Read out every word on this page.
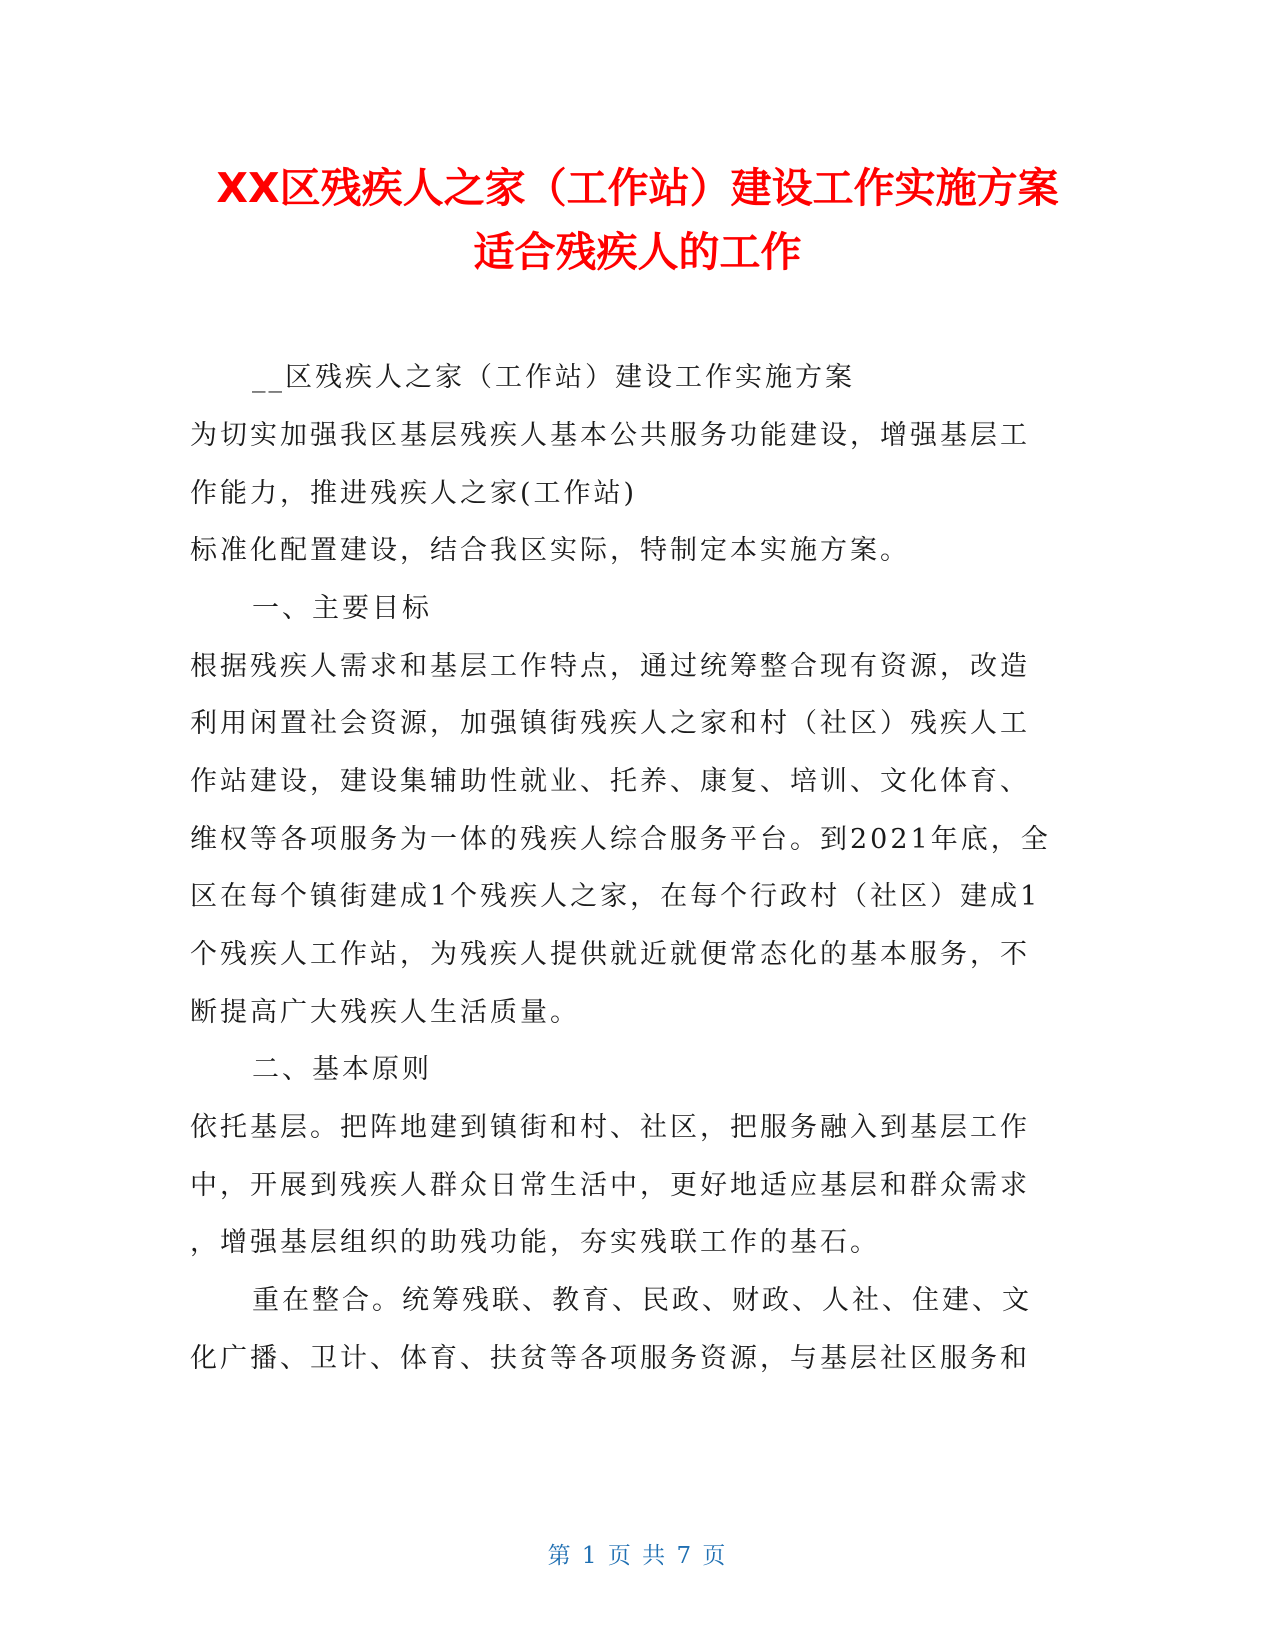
XX区残疾人之家（工作站）建设工作实施方案
适合残疾人的工作
__区残疾人之家（工作站）建设工作实施方案
为切实加强我区基层残疾人基本公共服务功能建设，增强基层工
作能力，推进残疾人之家(工作站)
标准化配置建设，结合我区实际，特制定本实施方案。
一、主要目标
根据残疾人需求和基层工作特点，通过统筹整合现有资源，改造
利用闲置社会资源，加强镇街残疾人之家和村（社区）残疾人工
作站建设，建设集辅助性就业、托养、康复、培训、文化体育、
维权等各项服务为一体的残疾人综合服务平台。到2021年底，全
区在每个镇街建成1个残疾人之家，在每个行政村（社区）建成1
个残疾人工作站，为残疾人提供就近就便常态化的基本服务，不
断提高广大残疾人生活质量。
二、基本原则
依托基层。把阵地建到镇街和村、社区，把服务融入到基层工作
中，开展到残疾人群众日常生活中，更好地适应基层和群众需求
，增强基层组织的助残功能，夯实残联工作的基石。
重在整合。统筹残联、教育、民政、财政、人社、住建、文
化广播、卫计、体育、扶贫等各项服务资源，与基层社区服务和
第 1 页 共 7 页
